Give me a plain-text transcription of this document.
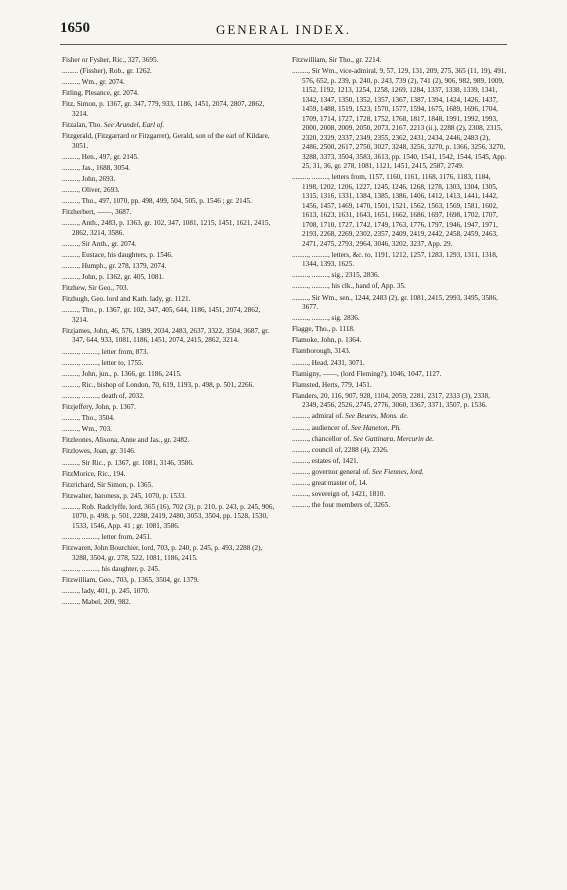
1650	GENERAL INDEX.

Fisher or Fysher, Ric., 327, 3695.

......... (Fissher), Rob., gr. 1262.

........., Wm., gr. 2074.

Fitling, Plesance, gr. 2074.

Fitz, Simon, p. 1367, gr. 347, 779, 933, 1186, 1451, 2074, 2807, 2862, 3214.

Fitzalan, Tho. See Arundel, Earl of.

Fitzgerald, (Fitzgarrard or Fitzgarret), Gerald, son of the earl of Kildare, 3051.

........., Hen., 497, gr. 2145.

........., Jas., 1688, 3054.

........., John, 2693.

........., Oliver, 2693.

........., Tho., 497, 1070, pp. 498, 499, 504, 505, p. 1546 ; gr. 2145.

Fitzherbert, ——, 3687.

........., Anth., 2483, p. 1363, gr. 102, 347, 1081, 1215, 1451, 1621, 2415, 2862, 3214, 3586.

........., Sir Anth., gr. 2074.

........., Eustace, his daughters, p. 1546.

........., Humph., gr. 278, 1379, 2074.

........., John, p. 1362, gr. 405, 1081.

Fitzhew, Sir Geo., 703.

Fitzhugh, Geo. lord and Kath. lady, gr. 1121.

........., Tho., p. 1367, gr. 102, 347, 405, 644, 1186, 1451, 2074, 2862, 3214.

Fitzjames, John, 46, 576, 1389, 2034, 2483, 2637, 3322, 3504, 3687, gr. 347, 644, 933, 1081, 1186, 1451, 2074, 2415, 2862, 3214.

........., ........., letter from, 873.

........., ........., letter to, 1755.

........., John, jun., p. 1366, gr. 1186, 2415.

........., Ric., bishop of London, 70, 619, 1193, p. 498, p. 501, 2266.

........., ........., death of, 2032.

Fitzjeffery, John, p. 1367.

........., Tho., 3504.

........., Wm., 703.

Fitzleones, Alisona, Anne and Jas., gr. 2482.

Fitzlowes, Joan, gr. 3146.

........., Sir Ric., p. 1367, gr. 1081, 3146, 3586.

FitzMorice, Ric., 194.

Fitzrichard, Sir Simon, p. 1365.

Fitzwalter, baroness, p. 245, 1070, p. 1533.

........., Rob. Radclyffe, lord, 365 (16), 702 (3), p. 210, p. 243, p. 245, 906, 1070, p. 498, p. 501, 2288, 2419, 2480, 3053, 3504, pp. 1528, 1530, 1533, 1546, App. 41 ; gr. 1081, 3586.

........., ........., letter from, 2451.

Fitzwaren, John Bourchier, lord, 703, p. 240, p. 245, p. 493, 2288 (2), 3288, 3504, gr. 278, 522, 1081, 1186, 2415.

........., ........., his daughter, p. 245.

Fitzwilliam, Geo., 703, p. 1365, 3504, gr. 1379.

........., lady, 401, p. 245, 1070.

........., Mabel, 209, 982.

Fitzwilliam, Sir Tho., gr. 2214.

........., Sir Wm., vice-admiral, 9, 57, 129, 131, 209, 275, 365 (11, 19), 491, 576, 652, p. 239, p. 240, p. 243, 739 (2), 741 (2), 906, 982, 989, 1009, 1152, 1192, 1213, 1254, 1258, 1269, 1284, 1337, 1338, 1339, 1341, 1342, 1347, 1350, 1352, 1357, 1367, 1387, 1394, 1424, 1426, 1437, 1459, 1488, 1519, 1523, 1570, 1577, 1594, 1675, 1689, 1696, 1704, 1709, 1714, 1727, 1728, 1752, 1768, 1817, 1848, 1991, 1992, 1993, 2000, 2008, 2009, 2050, 2073, 2167, 2213 (ii.), 2288 (2), 2308, 2315, 2320, 2329, 2337, 2349, 2355, 2362, 2431, 2434, 2446, 2483 (2), 2486, 2500, 2617, 2750, 3027, 3248, 3256, 3270, p. 1366, 3256, 3270, 3288, 3373, 3504, 3583, 3613, pp. 1540, 1541, 1542, 1544, 1545, App. 25, 31, 36, gr. 278, 1081, 1121, 1451, 2415, 2587, 2749.

........., ........., letters from, 1157, 1160, 1161, 1168, 1176, 1183, 1184, 1198, 1202, 1206, 1227, 1245, 1246, 1268, 1278, 1303, 1304, 1305, 1315, 1316, 1331, 1384, 1385, 1386, 1406, 1412, 1413, 1441, 1442, 1456, 1457, 1469, 1470, 1501, 1521, 1562, 1563, 1569, 1581, 1602, 1613, 1623, 1631, 1643, 1651, 1662, 1686, 1697, 1698, 1702, 1707, 1708, 1710, 1727, 1742, 1749, 1763, 1776, 1797, 1946, 1947, 1971, 2193, 2268, 2269, 2302, 2357, 2409, 2419, 2442, 2458, 2459, 2463, 2471, 2475, 2793, 2964, 3046, 3202, 3237, App. 29.

........., ........., letters, &c. to, 1191, 1212, 1257, 1283, 1293, 1311, 1318, 1344, 1393, 1625.

........., ........., sig., 2315, 2836.

........., ........., his clk., hand of, App. 35.

........., Sir Wm., sen., 1244, 2483 (2), gr. 1081, 2415, 2993, 3495, 3586, 3677.

........., ........., sig. 2836.

Flagge, Tho., p. 1118.

Flamoke, John, p. 1364.

Flamborough, 3143.

........., Head, 2431, 3071.

Flamigny, ——, (lord Fleming?), 1046, 1047, 1127.

Flamsted, Herts, 779, 1451.

Flanders, 20, 116, 907, 928, 1104, 2059, 2281, 2317, 2333 (3), 2338, 2349, 2456, 2526, 2745, 2776, 3060, 3367, 3371, 3507, p. 1536.

........., admiral of. See Beures, Mons. de.

........., audiencer of. See Haneton, Ph.

........., chancellor of. See Gattinara, Mercurin de.

........., council of, 2288 (4), 2326.

........., estates of, 1421.

........., governor general of. See Fiennes, lord.

........., great master of, 14.

........., sovereign of, 1421, 1810.

........., the four members of, 3265.
